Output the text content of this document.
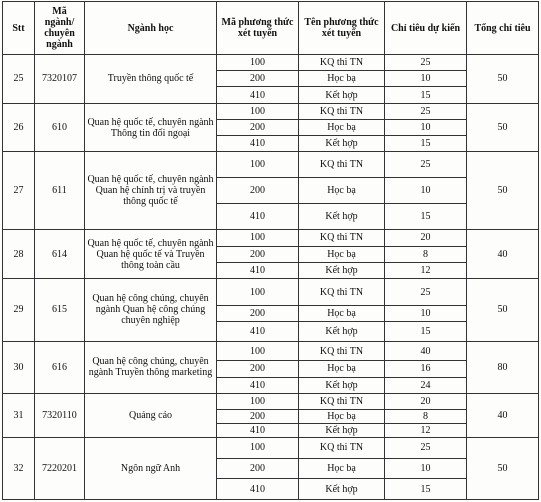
Stt	Mã ngành/ chuyên ngành	Ngành học	Mã phương thức xét tuyển	Tên phương thức xét tuyển	Chỉ tiêu dự kiến	Tổng chỉ tiêu
25	7320107	Truyền thông quốc tế	100	KQ thi TN	25	50
			200	Học bạ	10	
			410	Kết hợp	15	
26	610	Quan hệ quốc tế, chuyên ngành Thông tin đối ngoại	100	KQ thi TN	25	50
			200	Học bạ	10	
			410	Kết hợp	15	
27	611	Quan hệ quốc tế, chuyên ngành Quan hệ chính trị và truyền thông quốc tế	100	KQ thi TN	25	50
			200	Học bạ	10	
			410	Kết hợp	15	
28	614	Quan hệ quốc tế, chuyên ngành Quan hệ quốc tế và Truyền thông toàn cầu	100	KQ thi TN	20	40
			200	Học bạ	8	
			410	Kết hợp	12	
29	615	Quan hệ công chúng, chuyên ngành Quan hệ công chúng chuyên nghiệp	100	KQ thi TN	25	50
			200	Học bạ	10	
			410	Kết hợp	15	
30	616	Quan hệ công chúng, chuyên ngành Truyền thông marketing	100	KQ thi TN	40	80
			200	Học bạ	16	
			410	Kết hợp	24	
31	7320110	Quảng cáo	100	KQ thi TN	20	40
			200	Học bạ	8	
			410	Kết hợp	12	
32	7220201	Ngôn ngữ Anh	100	KQ thi TN	25	50
			200	Học bạ	10	
			410	Kết hợp	15	
